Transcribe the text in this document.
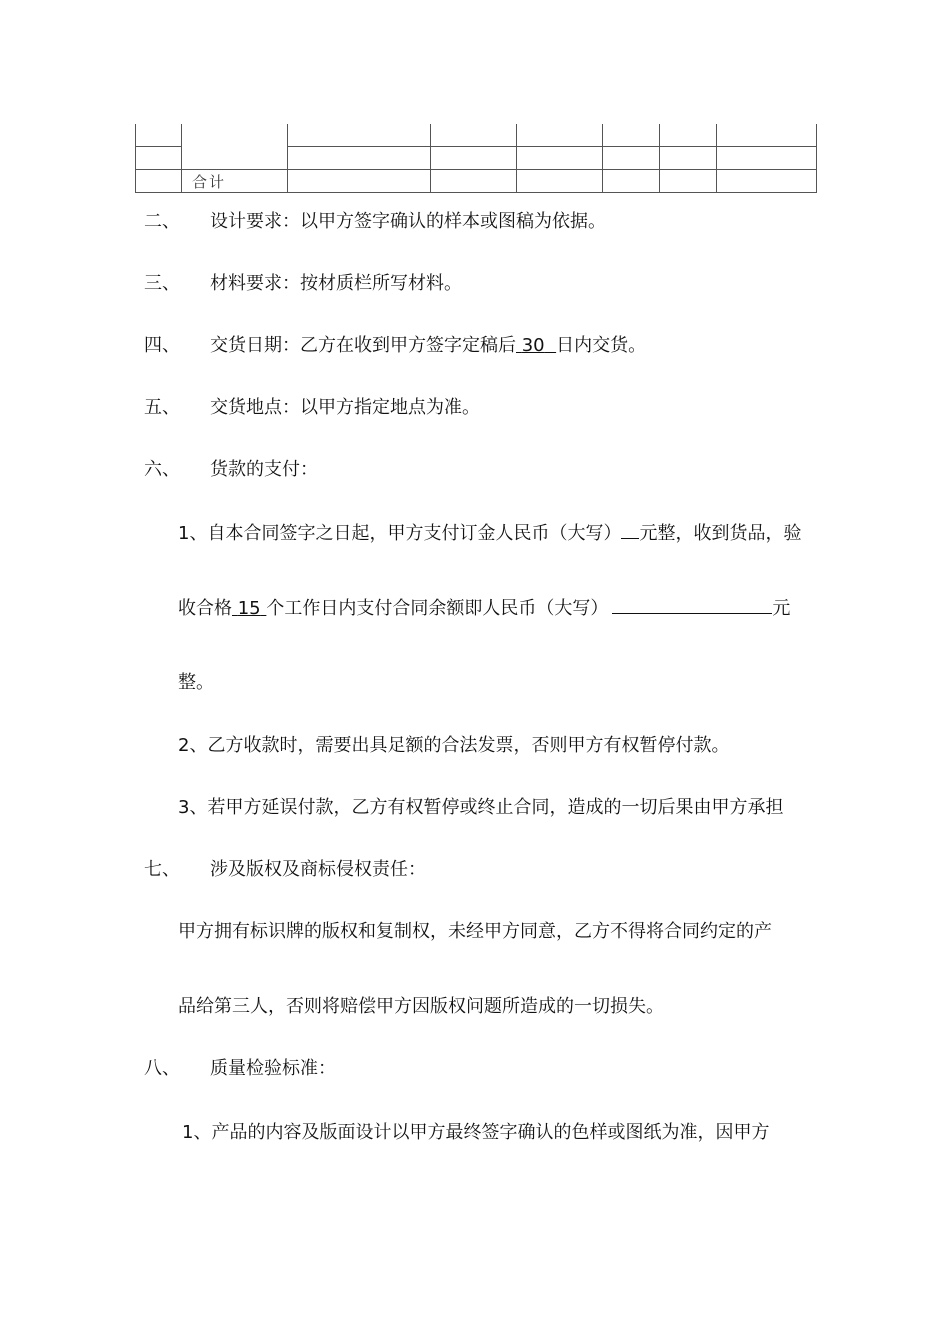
	合计						
二、	设计要求：以甲方签字确认的样本或图稿为依据。
三、	材料要求：按材质栏所写材料。
四、	交货日期：乙方在收到甲方签字定稿后 30 日内交货。
五、	交货地点：以甲方指定地点为准。
六、	货款的支付：
1、自本合同签字之日起，甲方支付订金人民币（大写） 元整，收到货品，验
收合格 15 个工作日内支付合同余额即人民币（大写）	元
整。
2、乙方收款时，需要出具足额的合法发票，否则甲方有权暂停付款。
3、若甲方延误付款，乙方有权暂停或终止合同，造成的一切后果由甲方承担
七、	涉及版权及商标侵权责任：
甲方拥有标识牌的版权和复制权，未经甲方同意，乙方不得将合同约定的产
品给第三人，否则将赔偿甲方因版权问题所造成的一切损失。
八、	质量检验标准：
1、产品的内容及版面设计以甲方最终签字确认的色样或图纸为准，因甲方
